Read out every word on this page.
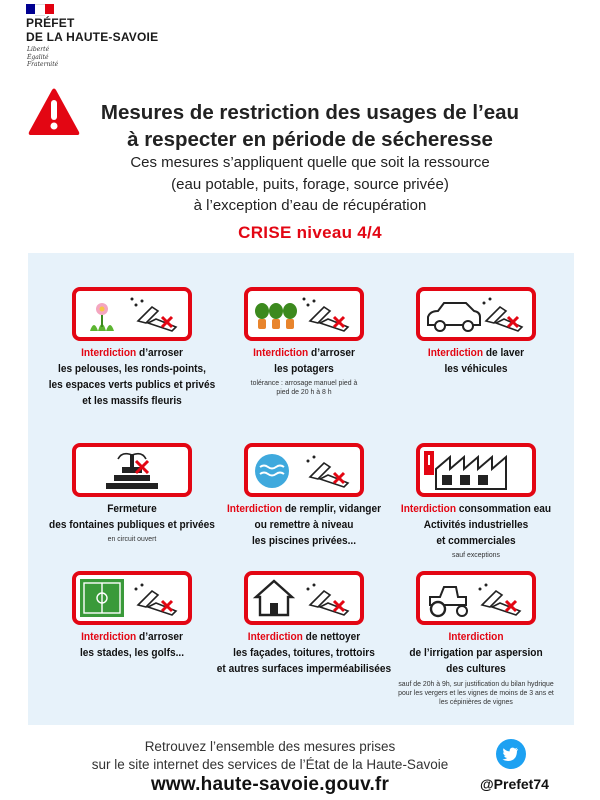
PRÉFET
DE LA HAUTE-SAVOIE
Liberté
Égalité
Fraternité
Mesures de restriction des usages de l’eau
à respecter en période de sécheresse
Ces mesures s’appliquent quelle que soit la ressource
(eau potable, puits, forage, source privée)
à l’exception d’eau de récupération
CRISE niveau 4/4
Interdiction d’arroser
les pelouses, les ronds-points,
les espaces verts publics et privés
et les massifs fleuris
Interdiction d’arroser
les potagers
tolérance : arrosage manuel pied à pied de 20 h à 8 h
Interdiction de laver
les véhicules
Fermeture
des fontaines publiques et privées
en circuit ouvert
Interdiction de remplir, vidanger
ou remettre à niveau
les piscines privées...
Interdiction consommation eau
Activités industrielles
et commerciales
sauf exceptions
Interdiction d’arroser
les stades, les golfs...
Interdiction de nettoyer
les façades, toitures, trottoirs
et autres surfaces imperméabilisées
Interdiction
de l’irrigation par aspersion
des cultures
sauf de 20h à 9h, sur justification du bilan hydrique pour les vergers et les vignes de moins de 3 ans et les cépinières de vignes
Retrouvez l’ensemble des mesures prises
sur le site internet des services de l’État de la Haute-Savoie
www.haute-savoie.gouv.fr	@Prefet74
